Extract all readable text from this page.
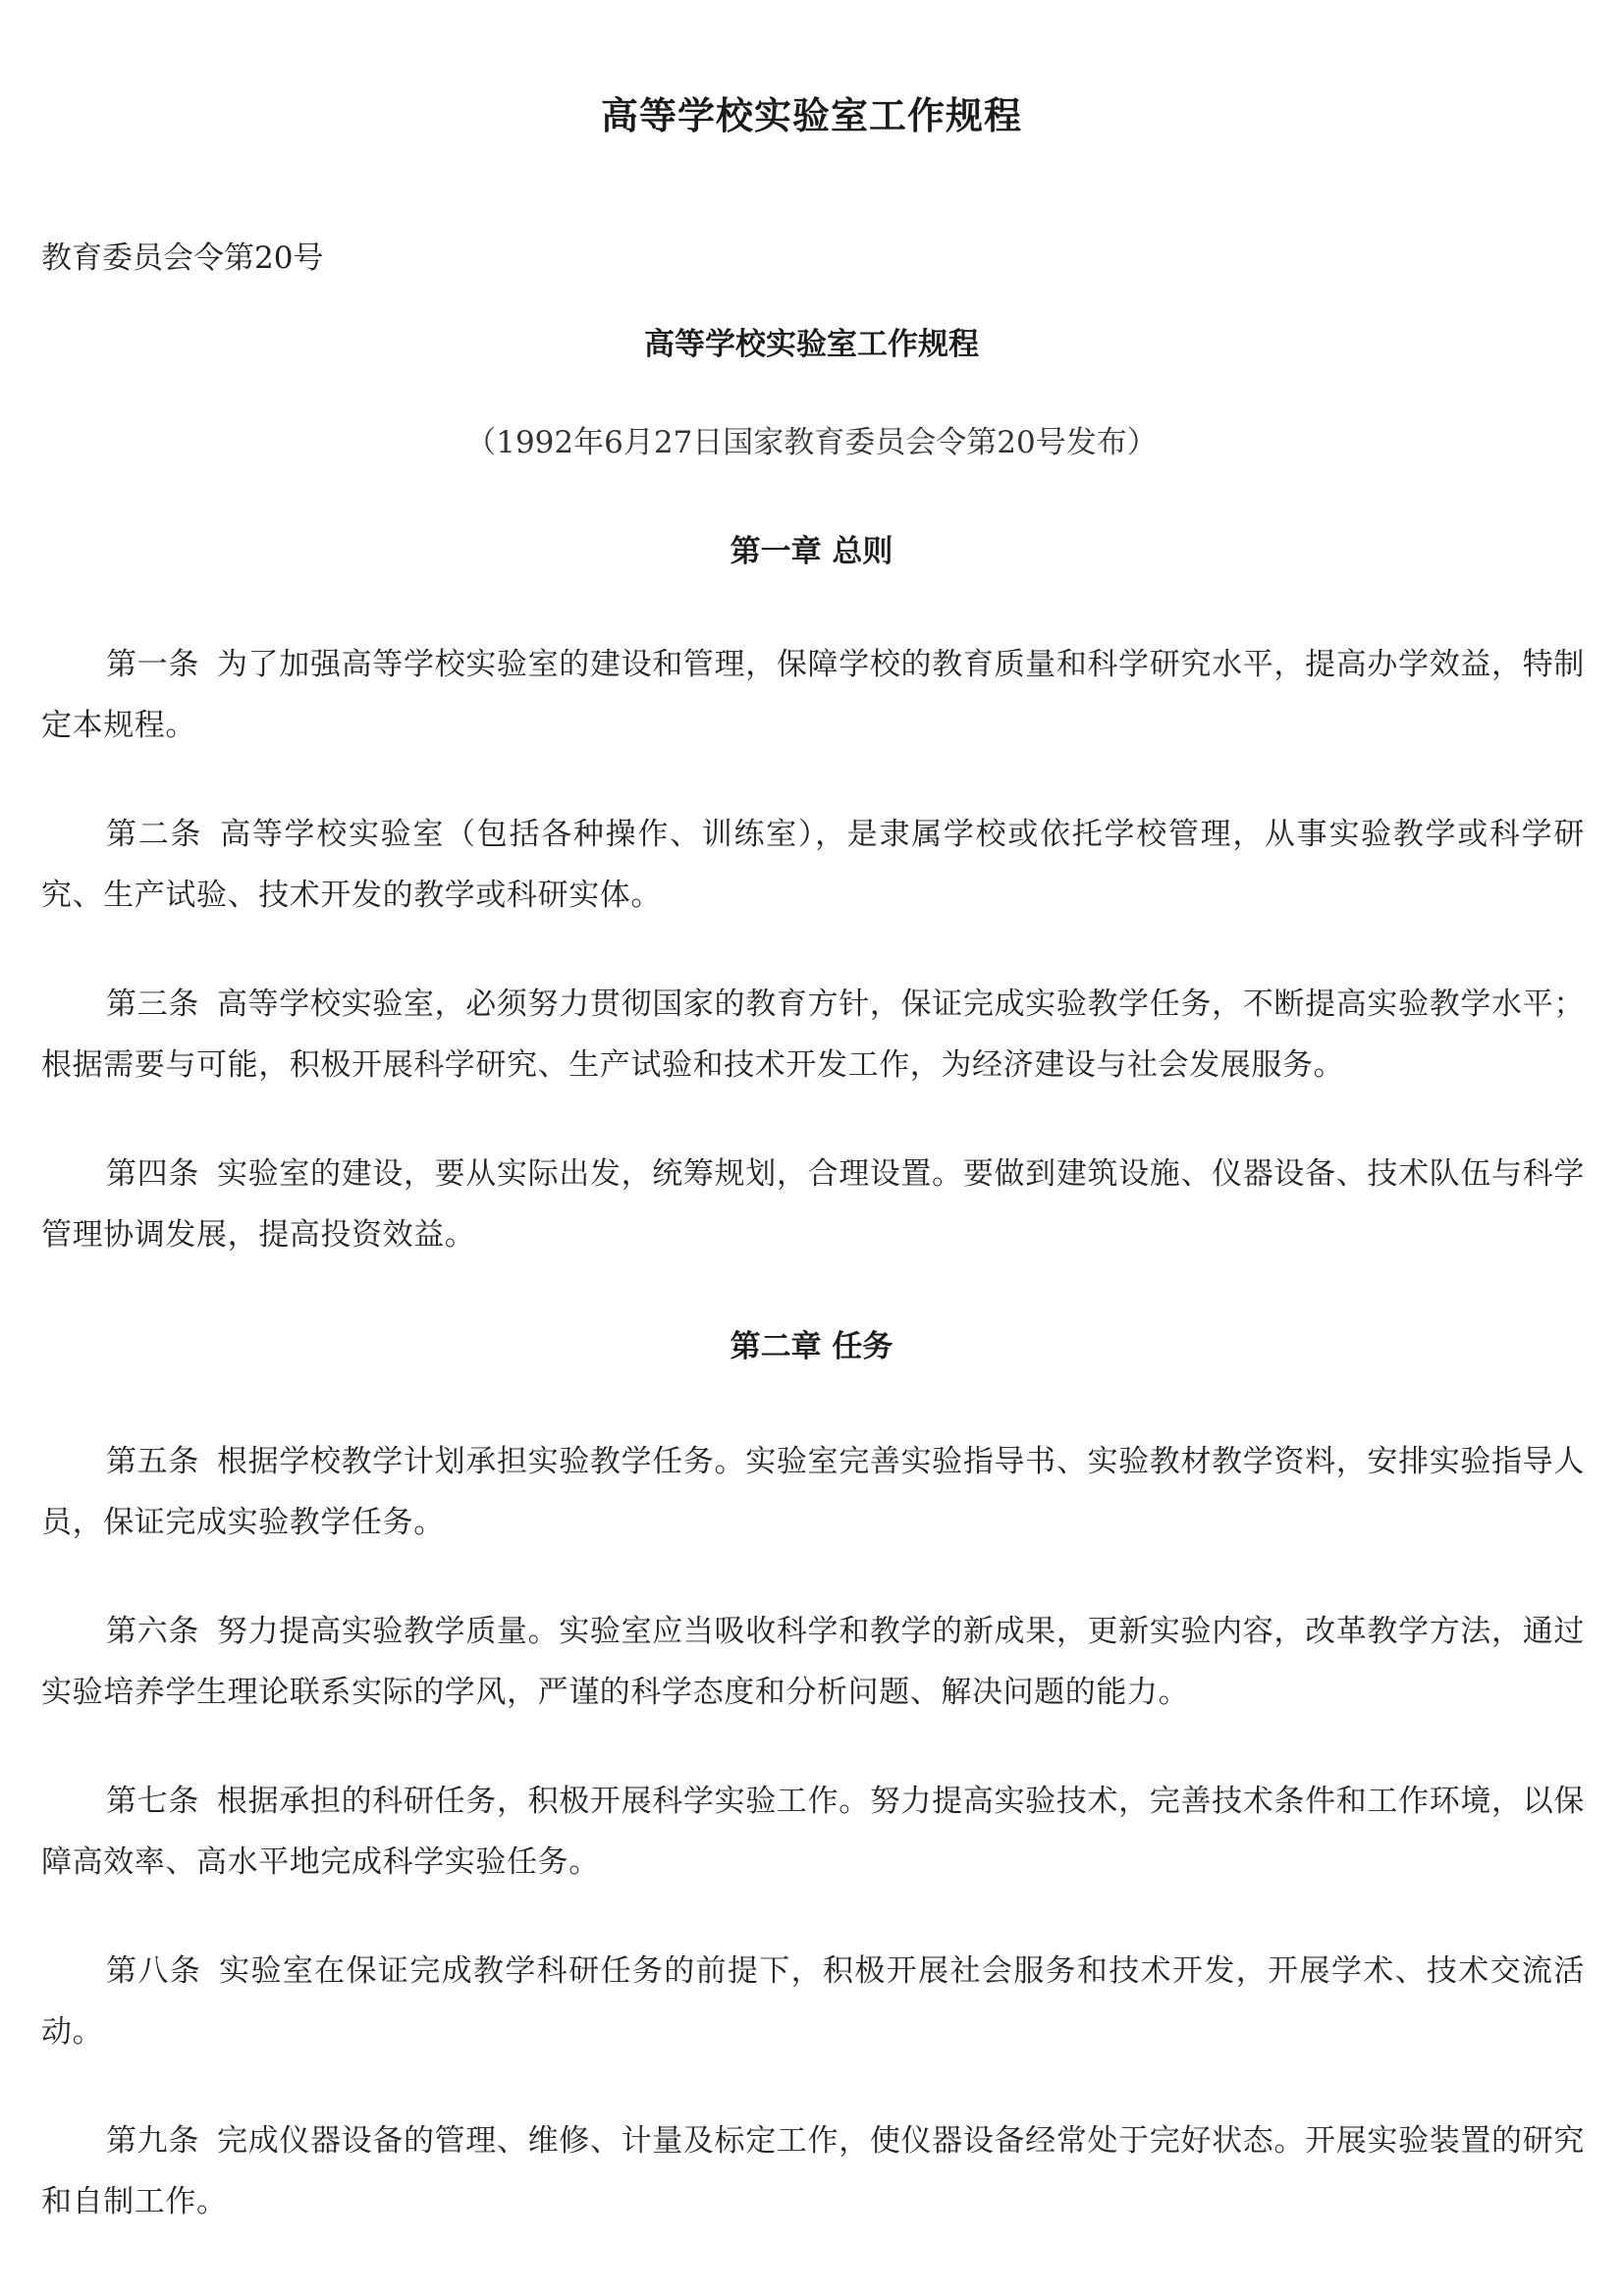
高等学校实验室工作规程
教育委员会令第20号
高等学校实验室工作规程
（1992年6月27日国家教育委员会令第20号发布）
第一章 总则

第一条 为了加强高等学校实验室的建设和管理，保障学校的教育质量和科学研究水平，提高办学效益，特制定本规程。

第二条 高等学校实验室（包括各种操作、训练室），是隶属学校或依托学校管理，从事实验教学或科学研究、生产试验、技术开发的教学或科研实体。

第三条 高等学校实验室，必须努力贯彻国家的教育方针，保证完成实验教学任务，不断提高实验教学水平；根据需要与可能，积极开展科学研究、生产试验和技术开发工作，为经济建设与社会发展服务。

第四条 实验室的建设，要从实际出发，统筹规划，合理设置。要做到建筑设施、仪器设备、技术队伍与科学管理协调发展，提高投资效益。

第二章 任务

第五条 根据学校教学计划承担实验教学任务。实验室完善实验指导书、实验教材教学资料，安排实验指导人员，保证完成实验教学任务。

第六条 努力提高实验教学质量。实验室应当吸收科学和教学的新成果，更新实验内容，改革教学方法，通过实验培养学生理论联系实际的学风，严谨的科学态度和分析问题、解决问题的能力。

第七条 根据承担的科研任务，积极开展科学实验工作。努力提高实验技术，完善技术条件和工作环境，以保障高效率、高水平地完成科学实验任务。

第八条 实验室在保证完成教学科研任务的前提下，积极开展社会服务和技术开发，开展学术、技术交流活动。

第九条 完成仪器设备的管理、维修、计量及标定工作，使仪器设备经常处于完好状态。开展实验装置的研究和自制工作。
